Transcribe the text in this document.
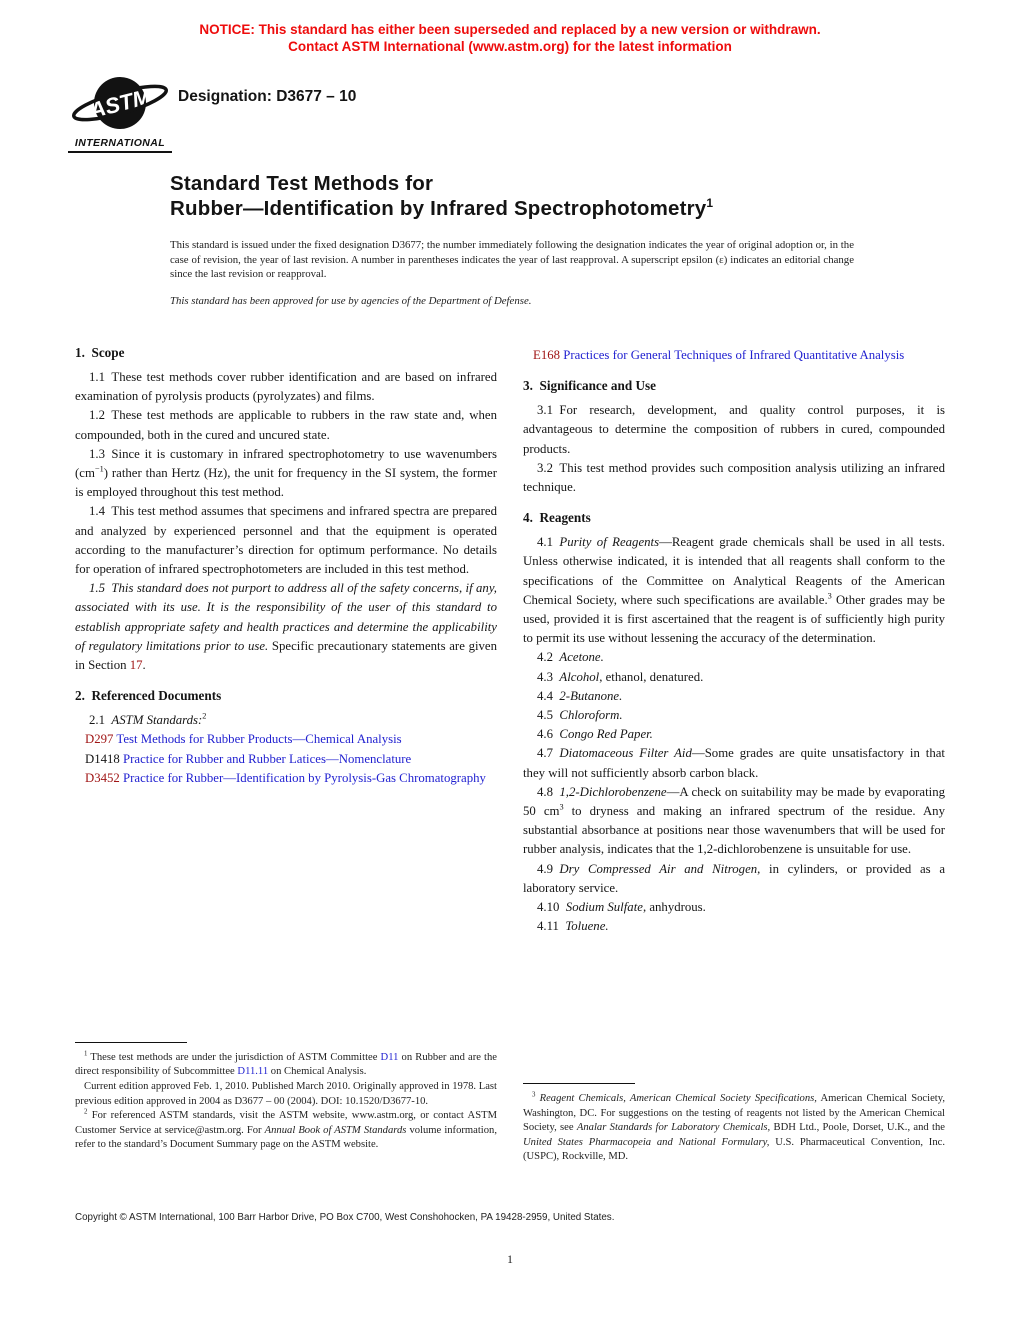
NOTICE: This standard has either been superseded and replaced by a new version or withdrawn.
Contact ASTM International (www.astm.org) for the latest information
ASTM
INTERNATIONAL
Designation: D3677 – 10
Standard Test Methods for
Rubber—Identification by Infrared Spectrophotometry$^1$

This standard is issued under the fixed designation D3677; the number immediately following the designation indicates the year of original adoption or, in the case of revision, the year of last revision. A number in parentheses indicates the year of last reapproval. A superscript epsilon (ε) indicates an editorial change since the last revision or reapproval.

This standard has been approved for use by agencies of the Department of Defense.

1. Scope

1.1 These test methods cover rubber identification and are based on infrared examination of pyrolysis products (pyrolyzates) and films.

1.2 These test methods are applicable to rubbers in the raw state and, when compounded, both in the cured and uncured state.

1.3 Since it is customary in infrared spectrophotometry to use wavenumbers $(cm^{-1})$ rather than Hertz (Hz), the unit for frequency in the SI system, the former is employed throughout this test method.

1.4 This test method assumes that specimens and infrared spectra are prepared and analyzed by experienced personnel and that the equipment is operated according to the manufacturer’s direction for optimum performance. No details for operation of infrared spectrophotometers are included in this test method.

1.5 This standard does not purport to address all of the safety concerns, if any, associated with its use. It is the responsibility of the user of this standard to establish appropriate safety and health practices and determine the applicability of regulatory limitations prior to use. Specific precautionary statements are given in Section 17.

2. Referenced Documents

2.1 ASTM Standards:$^2$

D297 Test Methods for Rubber Products—Chemical Analysis

D1418 Practice for Rubber and Rubber Latices—Nomenclature

D3452 Practice for Rubber—Identification by Pyrolysis-Gas Chromatography

$^1$ These test methods are under the jurisdiction of ASTM Committee D11 on Rubber and are the direct responsibility of Subcommittee D11.11 on Chemical Analysis.

Current edition approved Feb. 1, 2010. Published March 2010. Originally approved in 1978. Last previous edition approved in 2004 as D3677 – 00 (2004). DOI: 10.1520/D3677-10.

$^2$ For referenced ASTM standards, visit the ASTM website, www.astm.org, or contact ASTM Customer Service at service@astm.org. For Annual Book of ASTM Standards volume information, refer to the standard’s Document Summary page on the ASTM website.

E168 Practices for General Techniques of Infrared Quantitative Analysis

3. Significance and Use

3.1 For research, development, and quality control purposes, it is advantageous to determine the composition of rubbers in cured, compounded products.

3.2 This test method provides such composition analysis utilizing an infrared technique.

4. Reagents

4.1 Purity of Reagents—Reagent grade chemicals shall be used in all tests. Unless otherwise indicated, it is intended that all reagents shall conform to the specifications of the Committee on Analytical Reagents of the American Chemical Society, where such specifications are available.$^3$ Other grades may be used, provided it is first ascertained that the reagent is of sufficiently high purity to permit its use without lessening the accuracy of the determination.

4.2 Acetone.

4.3 Alcohol, ethanol, denatured.

4.4 2-Butanone.

4.5 Chloroform.

4.6 Congo Red Paper.

4.7 Diatomaceous Filter Aid—Some grades are quite unsatisfactory in that they will not sufficiently absorb carbon black.

4.8 1,2-Dichlorobenzene—A check on suitability may be made by evaporating 50 $cm^3$ to dryness and making an infrared spectrum of the residue. Any substantial absorbance at positions near those wavenumbers that will be used for rubber analysis, indicates that the 1,2-dichlorobenzene is unsuitable for use.

4.9 Dry Compressed Air and Nitrogen, in cylinders, or provided as a laboratory service.

4.10 Sodium Sulfate, anhydrous.

4.11 Toluene.

$^3$ Reagent Chemicals, American Chemical Society Specifications, American Chemical Society, Washington, DC. For suggestions on the testing of reagents not listed by the American Chemical Society, see Analar Standards for Laboratory Chemicals, BDH Ltd., Poole, Dorset, U.K., and the United States Pharmacopeia and National Formulary, U.S. Pharmaceutical Convention, Inc. (USPC), Rockville, MD.

Copyright © ASTM International, 100 Barr Harbor Drive, PO Box C700, West Conshohocken, PA 19428-2959, United States.
1
